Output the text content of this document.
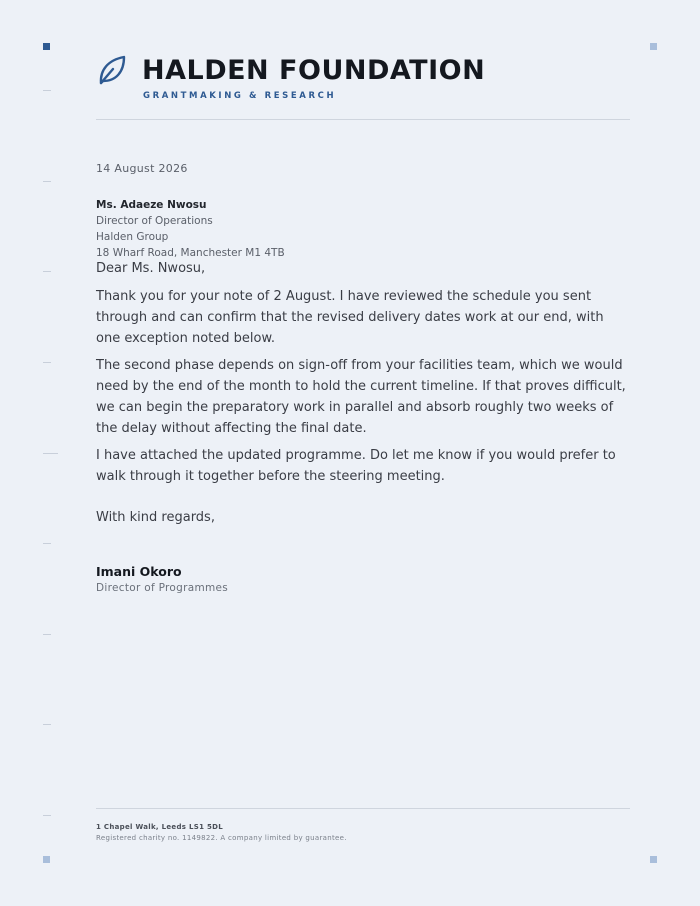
HALDEN FOUNDATION
GRANTMAKING & RESEARCH
14 August 2026
Ms. Adaeze Nwosu
Director of Operations
Halden Group
18 Wharf Road, Manchester M1 4TB

Dear Ms. Nwosu,

Thank you for your note of 2 August. I have reviewed the schedule you sent through and can confirm that the revised delivery dates work at our end, with one exception noted below.

The second phase depends on sign-off from your facilities team, which we would need by the end of the month to hold the current timeline. If that proves difficult, we can begin the preparatory work in parallel and absorb roughly two weeks of the delay without affecting the final date.

I have attached the updated programme. Do let me know if you would prefer to walk through it together before the steering meeting.

With kind regards,

Imani Okoro
Director of Programmes
1 Chapel Walk, Leeds LS1 5DL
Registered charity no. 1149822. A company limited by guarantee.
